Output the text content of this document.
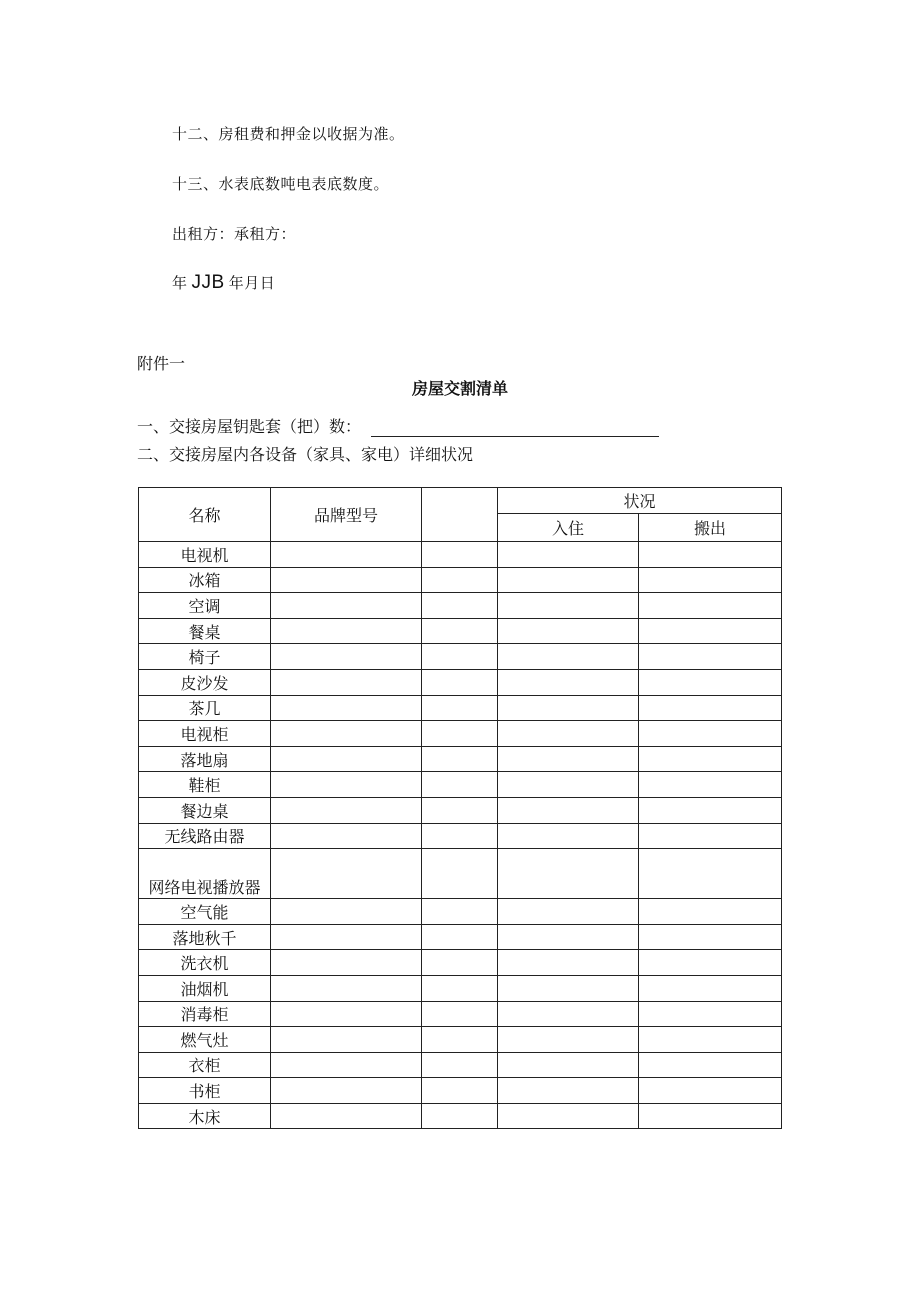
十二、房租费和押金以收据为准。
十三、水表底数吨电表底数度。
出租方：承租方：
年 JJB 年月日
附件一
房屋交割清单
一、交接房屋钥匙套（把）数：
二、交接房屋内各设备（家具、家电）详细状况
名称	品牌型号		状况	
			入住	搬出
电视机				
冰箱				
空调				
餐桌				
椅子				
皮沙发				
茶几				
电视柜				
落地扇				
鞋柜				
餐边桌				
无线路由器				
网络电视播放器				
空气能				
落地秋千				
洗衣机				
油烟机				
消毒柜				
燃气灶				
衣柜				
书柜				
木床				
